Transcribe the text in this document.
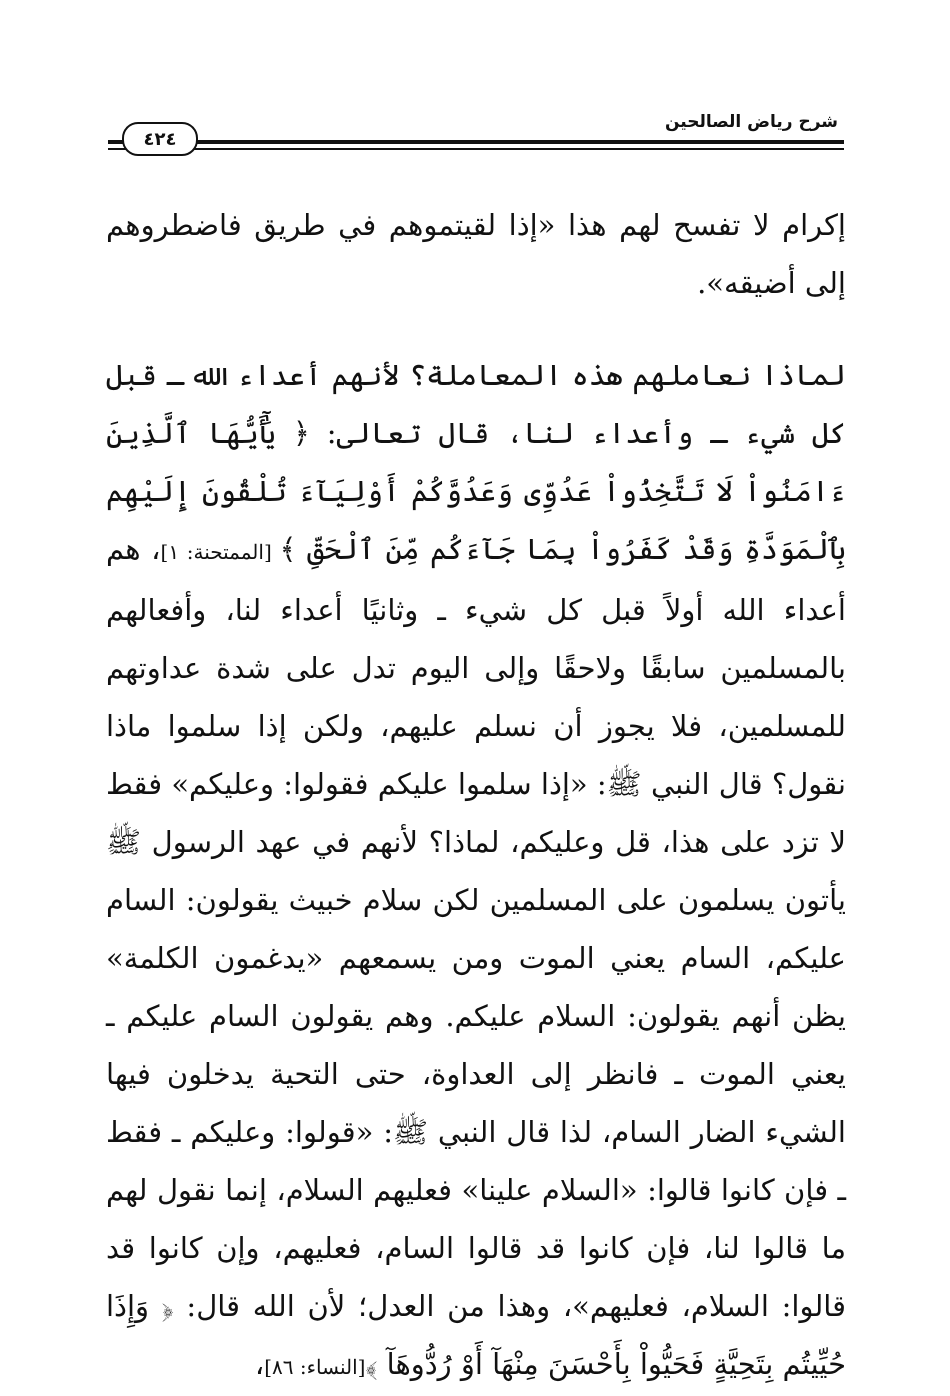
شرح رياض الصالحين
٤٢٤

إكرام لا تفسح لهم هذا «إذا لقيتموهم في طريق فاضطروهم إلى أضيقه».

لماذا نعاملهم هذه المعاملة؟ لأنهم أعداء الله ـ قبل كل شيء ـ وأعداء لنا، قال تعالى: ﴿ يَٰٓأَيُّهَا ٱلَّذِينَ ءَامَنُواْ لَا تَتَّخِذُواْ عَدُوِّى وَعَدُوَّكُمْ أَوْلِيَآءَ تُلْقُونَ إِلَيْهِم بِٱلْمَوَدَّةِ وَقَدْ كَفَرُواْ بِمَا جَآءَكُم مِّنَ ٱلْحَقِّ ﴾ [الممتحنة: ١]، هم أعداء الله أولاً قبل كل شيء ـ وثانيًا أعداء لنا، وأفعالهم بالمسلمين سابقًا ولاحقًا وإلى اليوم تدل على شدة عداوتهم للمسلمين، فلا يجوز أن نسلم عليهم، ولكن إذا سلموا ماذا نقول؟ قال النبي ﷺ: «إذا سلموا عليكم فقولوا: وعليكم» فقط لا تزد على هذا، قل وعليكم، لماذا؟ لأنهم في عهد الرسول ﷺ يأتون يسلمون على المسلمين لكن سلام خبيث يقولون: السام عليكم، السام يعني الموت ومن يسمعهم «يدغمون الكلمة» يظن أنهم يقولون: السلام عليكم. وهم يقولون السام عليكم ـ يعني الموت ـ فانظر إلى العداوة، حتى التحية يدخلون فيها الشيء الضار السام، لذا قال النبي ﷺ: «قولوا: وعليكم ـ فقط ـ فإن كانوا قالوا: «السلام علينا» فعليهم السلام، إنما نقول لهم ما قالوا لنا، فإن كانوا قد قالوا السام، فعليهم، وإن كانوا قد قالوا: السلام، فعليهم»، وهذا من العدل؛ لأن الله قال: ﴿ وَإِذَا حُيِّيتُم بِتَحِيَّةٍ فَحَيُّواْ بِأَحْسَنَ مِنْهَآ أَوْ رُدُّوهَآ ﴾[النساء: ٨٦]،
